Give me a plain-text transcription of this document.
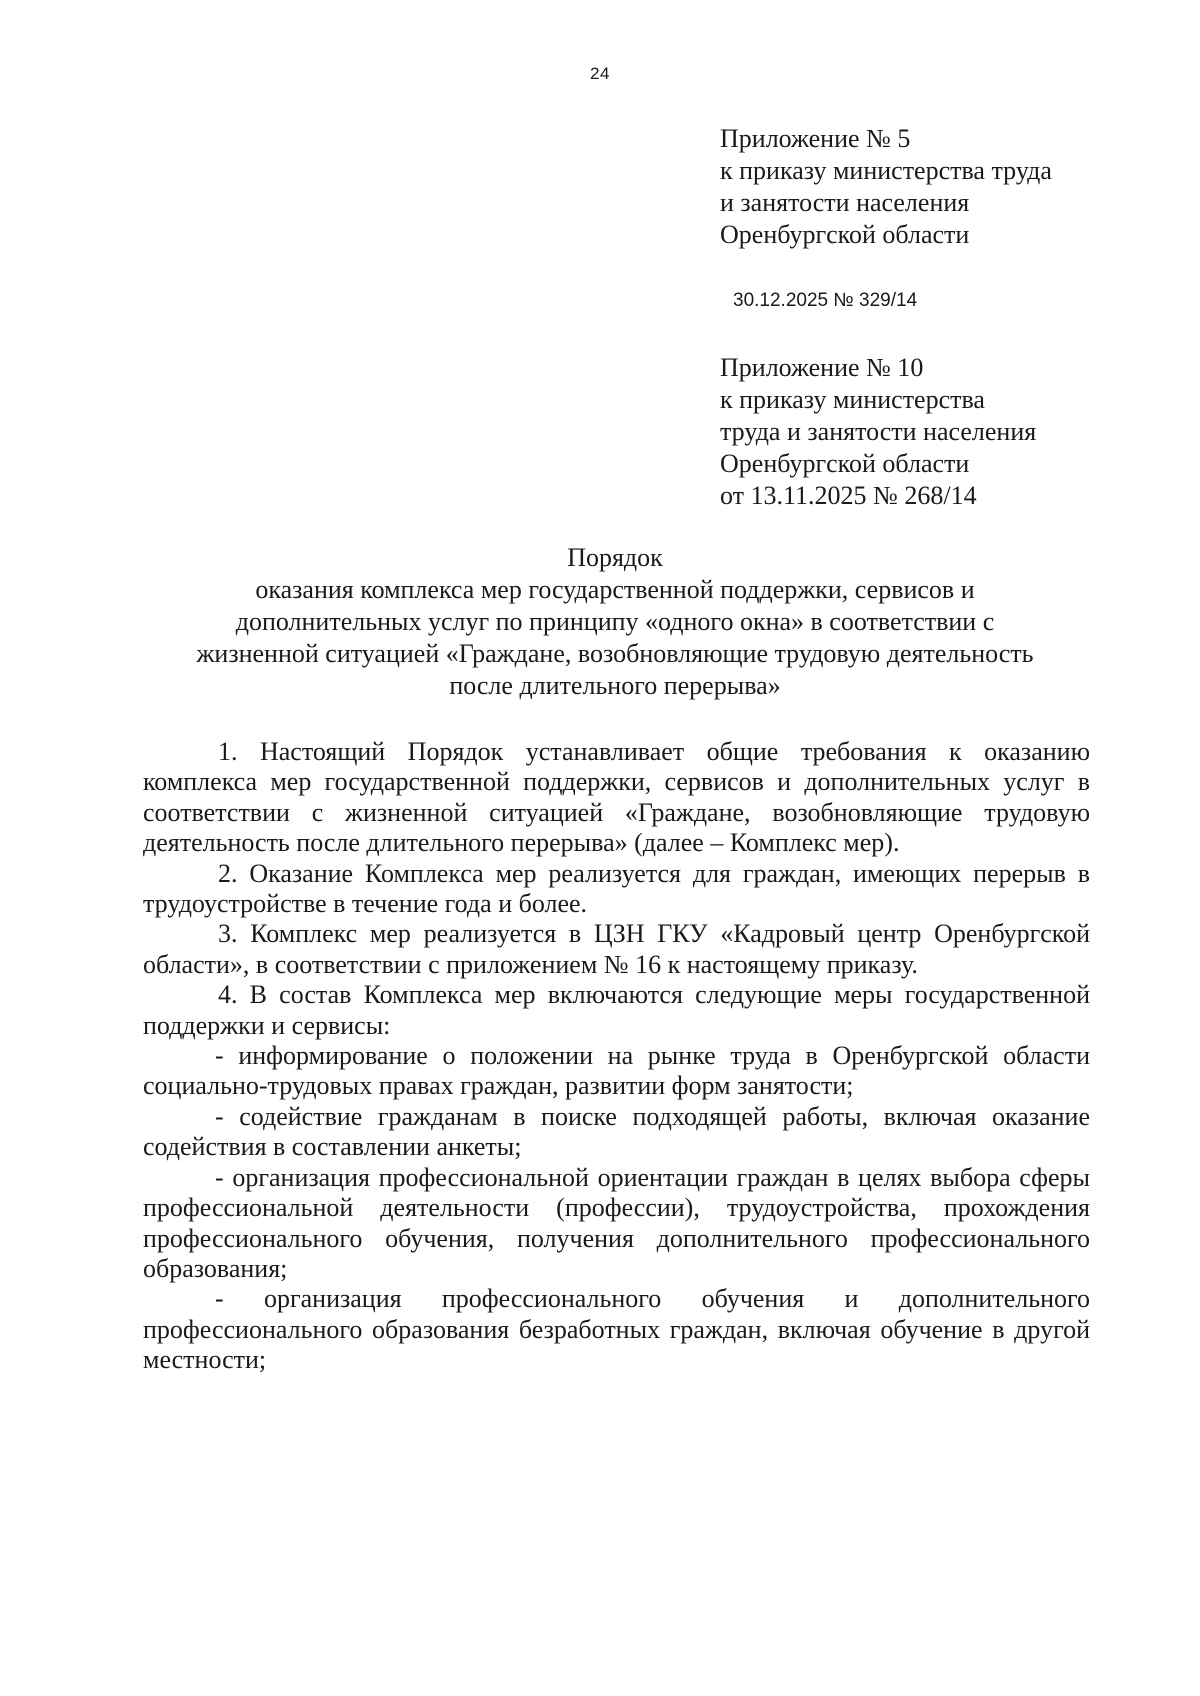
24
Приложение № 5
к приказу министерства труда
и занятости населения
Оренбургской области
30.12.2025 № 329/14
Приложение № 10
к приказу министерства
труда и занятости населения
Оренбургской области
от 13.11.2025 № 268/14
Порядок
оказания комплекса мер государственной поддержки, сервисов и
дополнительных услуг по принципу «одного окна» в соответствии с
жизненной ситуацией «Граждане, возобновляющие трудовую деятельность
после длительного перерыва»

1. Настоящий Порядок устанавливает общие требования к оказанию комплекса мер государственной поддержки, сервисов и дополнительных услуг в соответствии с жизненной ситуацией «Граждане, возобновляющие трудовую деятельность после длительного перерыва» (далее – Комплекс мер).

2. Оказание Комплекса мер реализуется для граждан, имеющих перерыв в трудоустройстве в течение года и более.

3. Комплекс мер реализуется в ЦЗН ГКУ «Кадровый центр Оренбургской области», в соответствии с приложением № 16 к настоящему приказу.

4. В состав Комплекса мер включаются следующие меры государственной поддержки и сервисы:

- информирование о положении на рынке труда в Оренбургской области социально-трудовых правах граждан, развитии форм занятости;

- содействие гражданам в поиске подходящей работы, включая оказание содействия в составлении анкеты;

- организация профессиональной ориентации граждан в целях выбора сферы профессиональной деятельности (профессии), трудоустройства, прохождения профессионального обучения, получения дополнительного профессионального образования;

- организация профессионального обучения и дополнительного профессионального образования безработных граждан, включая обучение в другой местности;
